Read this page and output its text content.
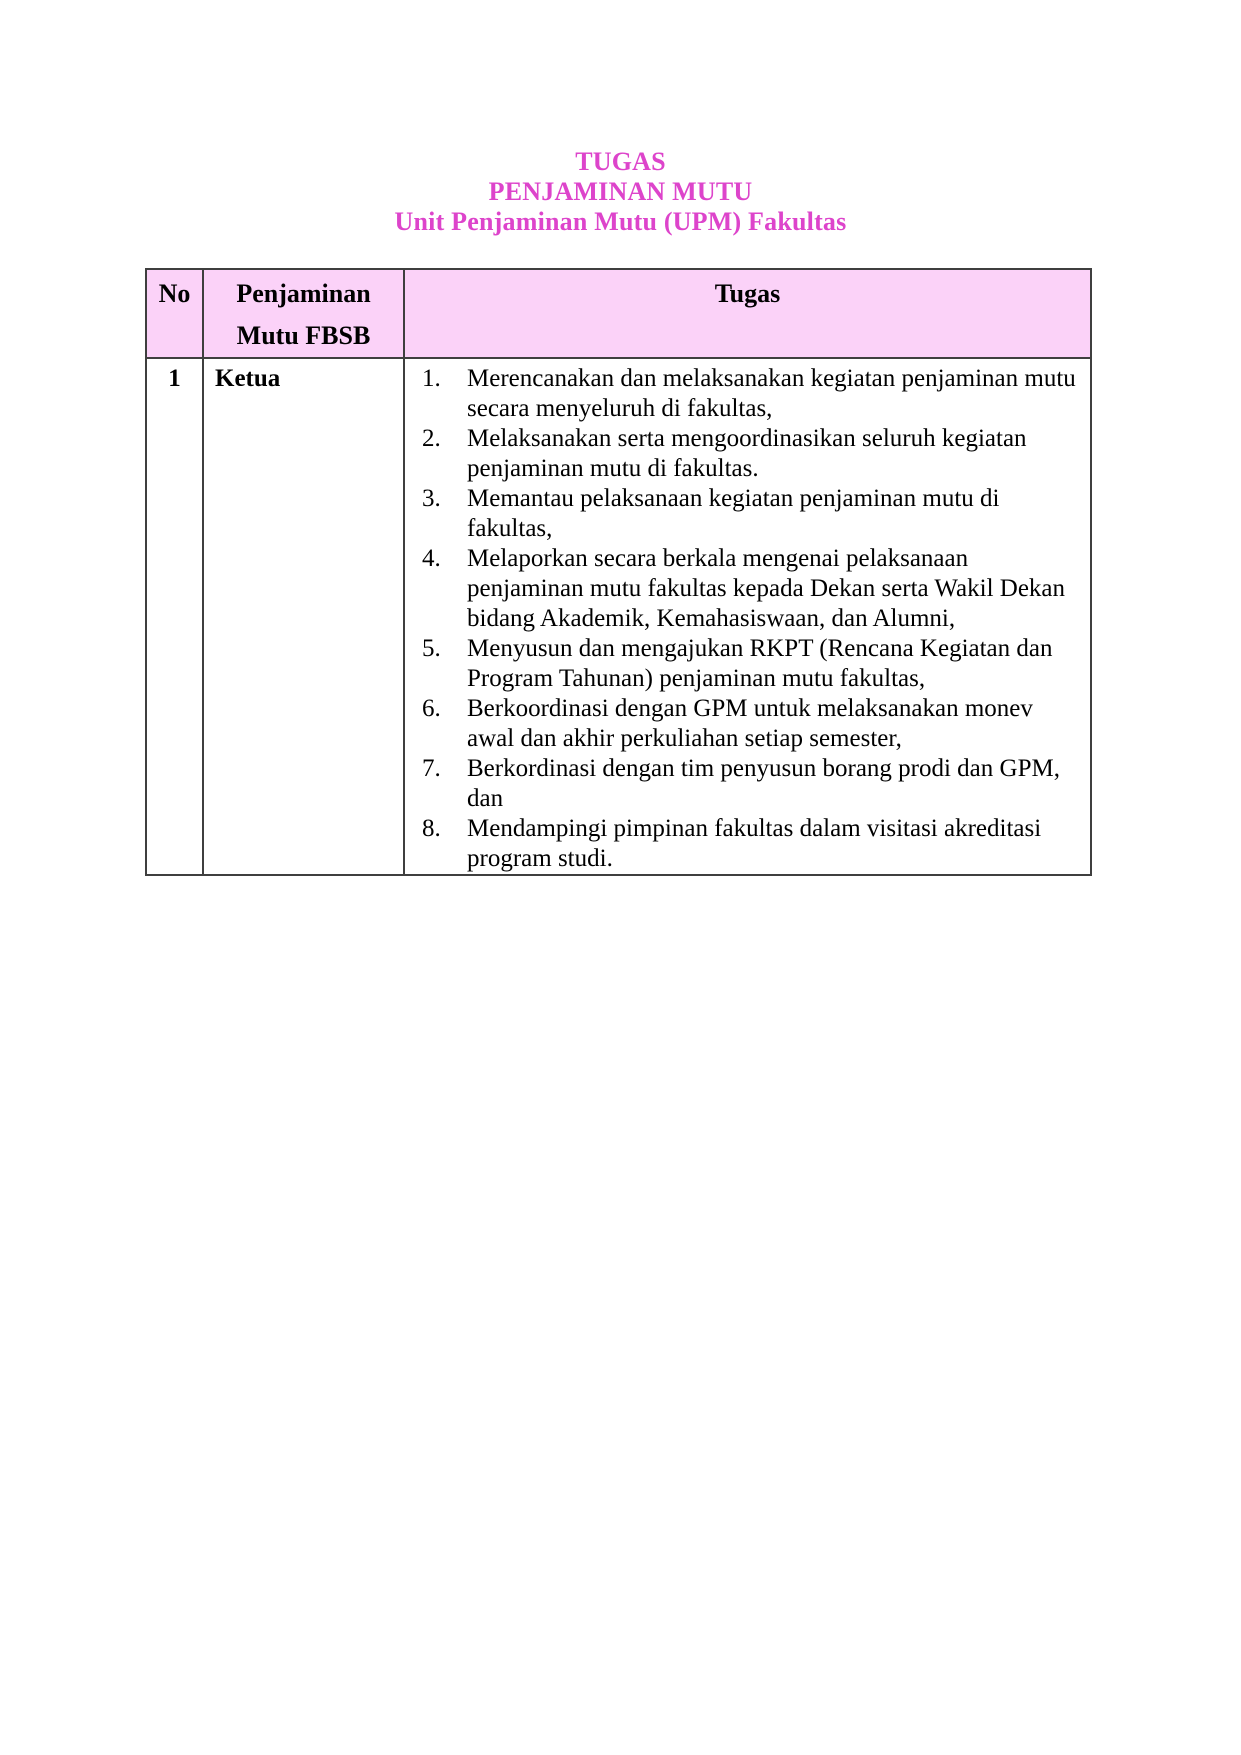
TUGAS
PENJAMINAN MUTU
Unit Penjaminan Mutu (UPM) Fakultas
No	Penjaminan Mutu FBSB	Tugas
1	Ketua	Merencanakan dan melaksanakan kegiatan penjaminan mutu secara menyeluruh di fakultas,
Melaksanakan serta mengoordinasikan seluruh kegiatan penjaminan mutu di fakultas.
Memantau pelaksanaan kegiatan penjaminan mutu di fakultas,
Melaporkan secara berkala mengenai pelaksanaan penjaminan mutu fakultas kepada Dekan serta Wakil Dekan bidang Akademik, Kemahasiswaan, dan Alumni,
Menyusun dan mengajukan RKPT (Rencana Kegiatan dan Program Tahunan) penjaminan mutu fakultas,
Berkoordinasi dengan GPM untuk melaksanakan monev awal dan akhir perkuliahan setiap semester,
Berkordinasi dengan tim penyusun borang prodi dan GPM, dan
Mendampingi pimpinan fakultas dalam visitasi akreditasi program studi.
